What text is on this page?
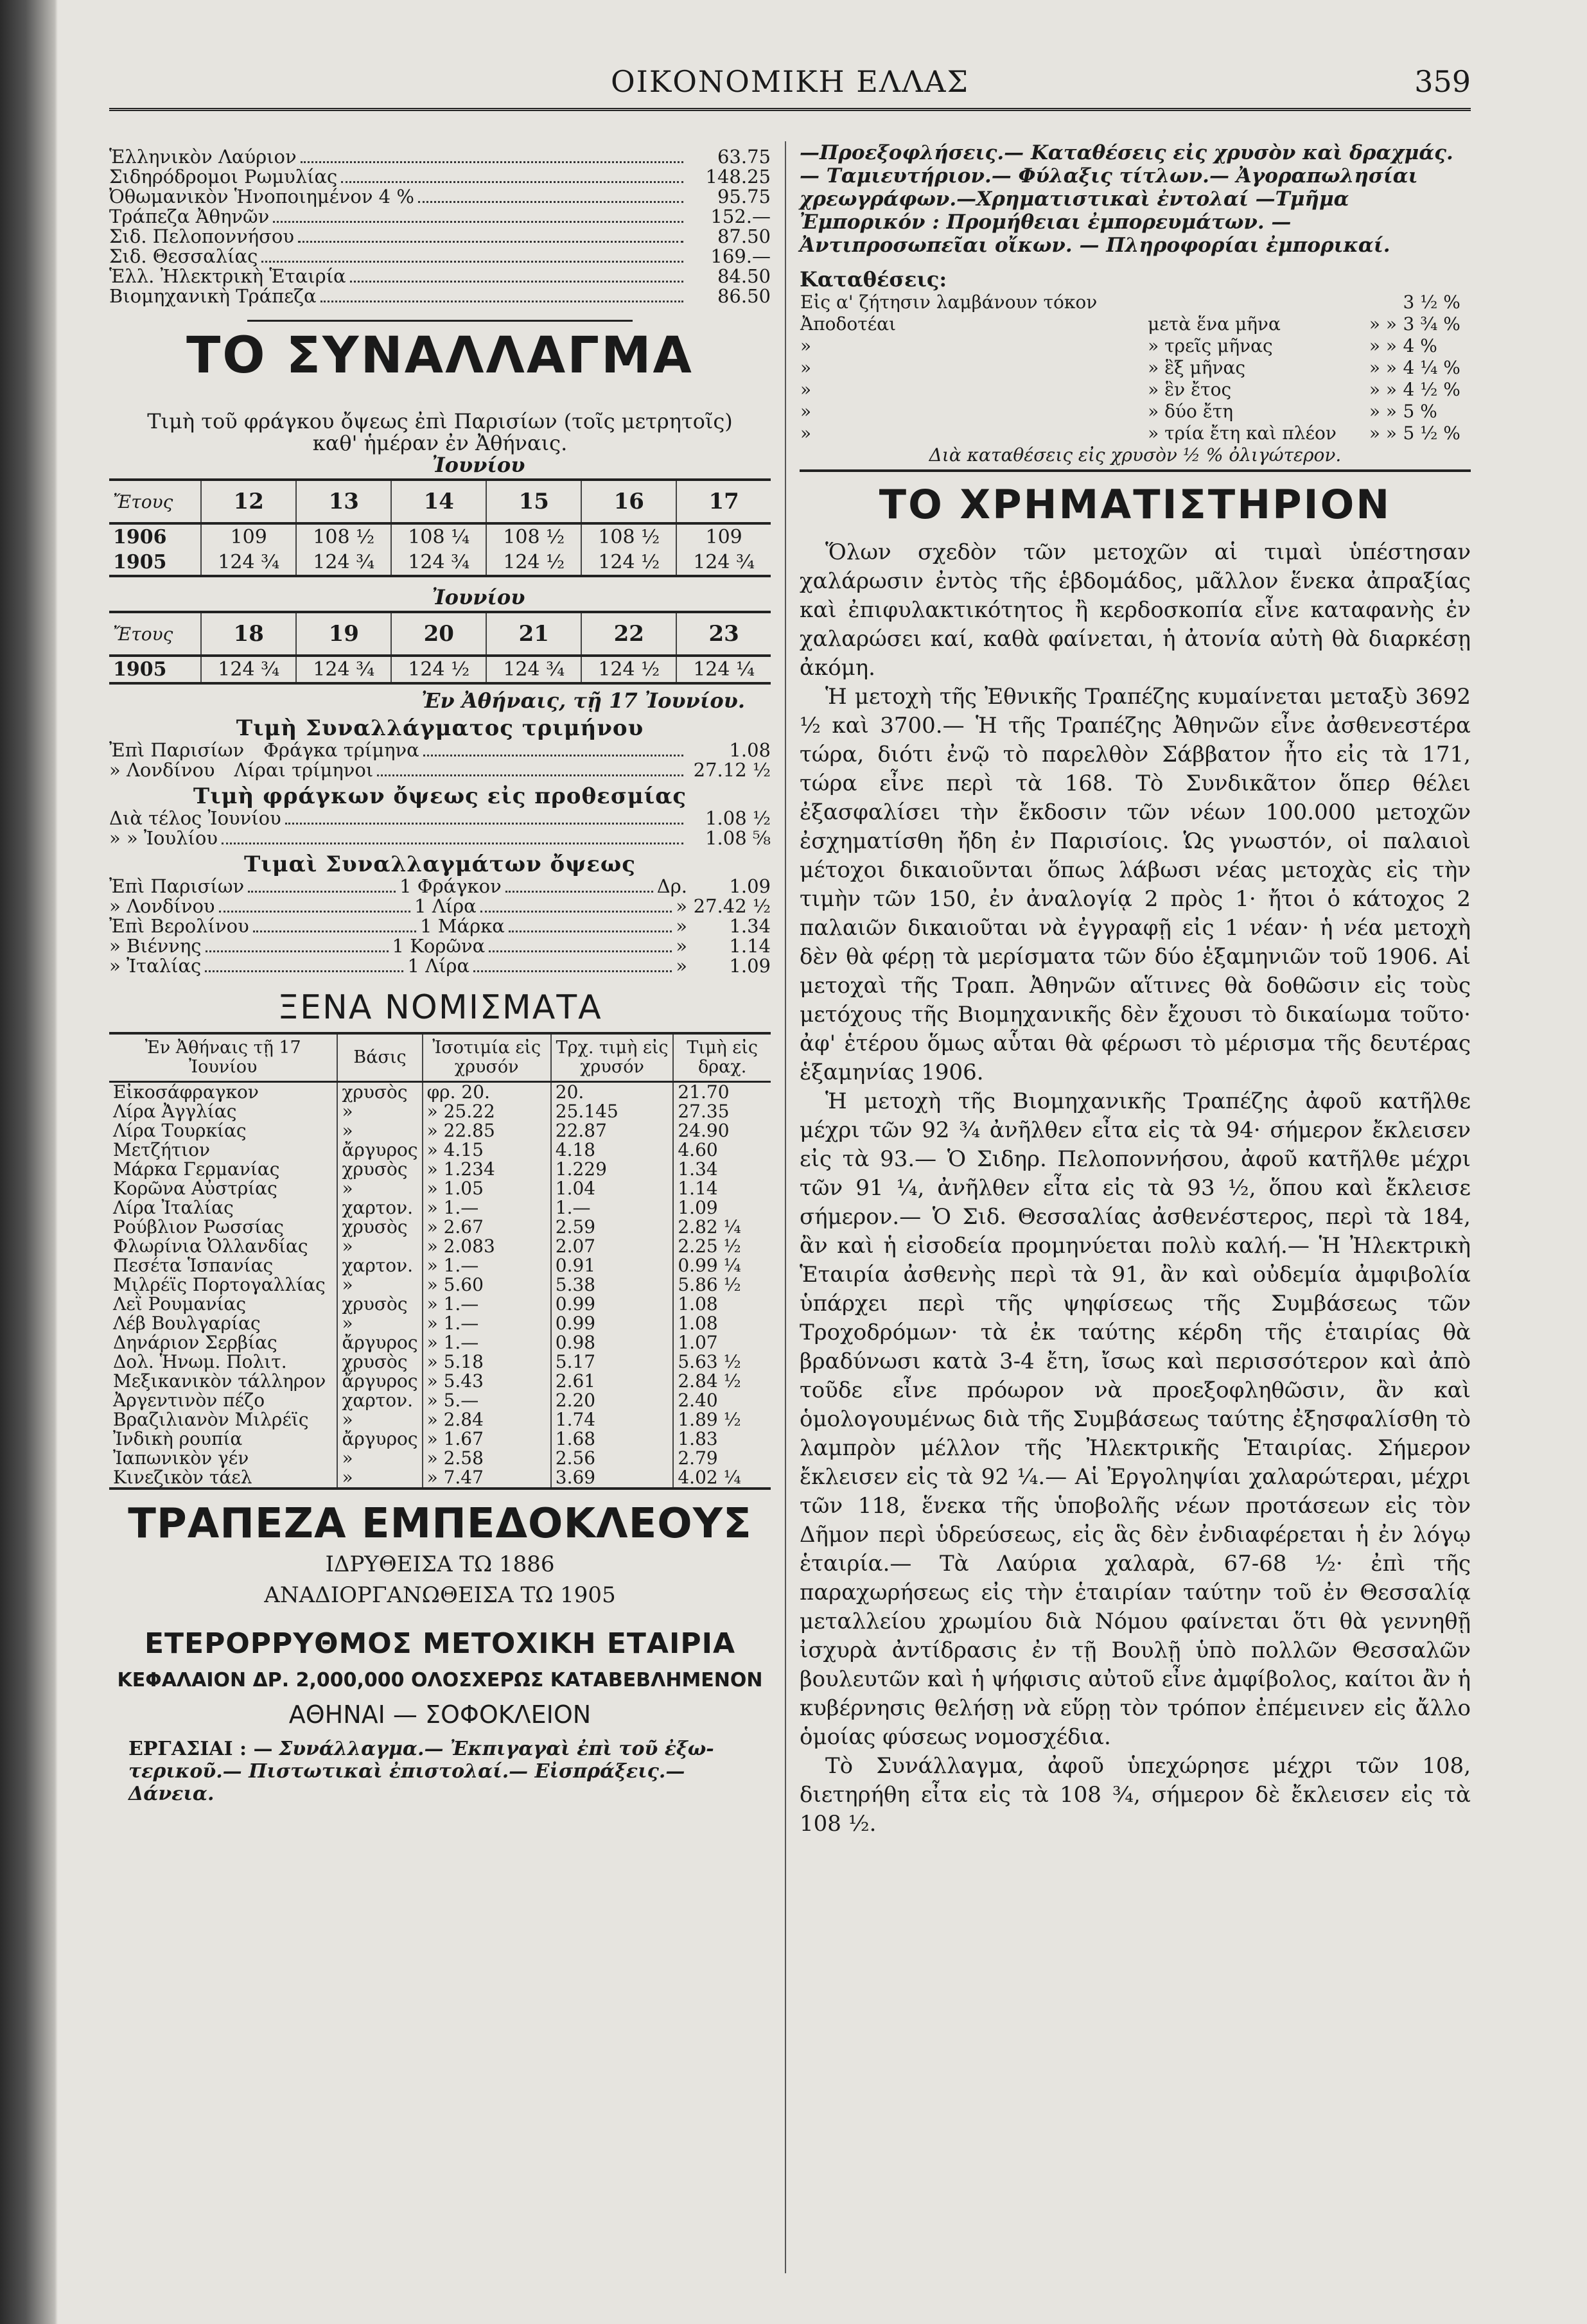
ΟΙΚΟΝΟΜΙΚΗ ΕΛΛΑΣ	359
Ἑλληνικὸν Λαύριον	63.75
Σιδηρόδρομοι Ρωμυλίας	148.25
Ὀθωμανικὸν Ἡνοποιημένον 4 %	95.75
Τράπεζα Ἀθηνῶν	152.—
Σιδ. Πελοποννήσου	87.50
Σιδ. Θεσσαλίας	169.—
Ἑλλ. Ἠλεκτρικὴ Ἑταιρία	84.50
Βιομηχανικὴ Τράπεζα	86.50
ΤΟ ΣΥΝΑΛΛΑΓΜΑ
Τιμὴ τοῦ φράγκου ὄψεως ἐπὶ Παρισίων (τοῖς μετρητοῖς)
καθ' ἡμέραν ἐν Ἀθήναις.
Ἰουνίου
Ἔτους	12	13	14	15	16	17
1906	109	108 ½	108 ¼	108 ½	108 ½	109
1905	124 ¾	124 ¾	124 ¾	124 ½	124 ½	124 ¾
Ἰουνίου
Ἔτους	18	19	20	21	22	23
1905	124 ¾	124 ¾	124 ½	124 ¾	124 ½	124 ¼
Ἐν Ἀθήναις, τῇ 17 Ἰουνίου.
Τιμὴ Συναλλάγματος τριμήνου
Ἐπὶ Παρισίων Φράγκα τρίμηνα	1.08
» Λονδίνου Λίραι τρίμηνοι	27.12 ½
Τιμὴ φράγκων ὄψεως εἰς προθεσμίας
Διὰ τέλος Ἰουνίου	1.08 ½
» » Ἰουλίου	1.08 ⅝
Τιμαὶ Συναλλαγμάτων ὄψεως
Ἐπὶ Παρισίων	1 Φράγκον	Δρ.	1.09
» Λονδίνου	1 Λίρα	» 27.42 ½
Ἐπὶ Βερολίνου	1 Μάρκα	»	1.34
» Βιέννης	1 Κορῶνα	»	1.14
» Ἰταλίας	1 Λίρα	»	1.09
ΞΕΝΑ ΝΟΜΙΣΜΑΤΑ
Ἐν Ἀθήναις τῇ 17 Ἰουνίου	Βάσις	Ἰσοτιμία εἰς χρυσόν	Τρχ. τιμὴ εἰς χρυσόν	Τιμὴ εἰς δραχ.
Εἰκοσάφραγκον	χρυσὸς	φρ. 20.	20.	21.70
Λίρα Ἀγγλίας	»	» 25.22	25.145	27.35
Λίρα Τουρκίας	»	» 22.85	22.87	24.90
Μετζήτιον	ἄργυρος	» 4.15	4.18	4.60
Μάρκα Γερμανίας	χρυσὸς	» 1.234	1.229	1.34
Κορῶνα Αὐστρίας	»	» 1.05	1.04	1.14
Λίρα Ἰταλίας	χαρτον.	» 1.—	1.—	1.09
Ρούβλιον Ρωσσίας	χρυσὸς	» 2.67	2.59	2.82 ¼
Φλωρίνια Ὀλλανδίας	»	» 2.083	2.07	2.25 ½
Πεσέτα Ἱσπανίας	χαρτον.	» 1.—	0.91	0.99 ¼
Μιλρέϊς Πορτογαλλίας	»	» 5.60	5.38	5.86 ½
Λεῒ Ρουμανίας	χρυσὸς	» 1.—	0.99	1.08
Λέβ Βουλγαρίας	»	» 1.—	0.99	1.08
Δηνάριον Σερβίας	ἄργυρος	» 1.—	0.98	1.07
Δολ. Ἡνωμ. Πολιτ.	χρυσὸς	» 5.18	5.17	5.63 ½
Μεξικανικὸν τάλληρον	ἄργυρος	» 5.43	2.61	2.84 ½
Ἀργεντινὸν πέζο	χαρτον.	» 5.—	2.20	2.40
Βραζιλιανὸν Μιλρέϊς	»	» 2.84	1.74	1.89 ½
Ἰνδικὴ ρουπία	ἄργυρος	» 1.67	1.68	1.83
Ἰαπωνικὸν γέν	»	» 2.58	2.56	2.79
Κινεζικὸν τάελ	»	» 7.47	3.69	4.02 ¼
ΤΡΑΠΕΖΑ ΕΜΠΕΔΟΚΛΕΟΥΣ
ΙΔΡΥΘΕΙΣΑ ΤΩ 1886
ΑΝΑΔΙΟΡΓΑΝΩΘΕΙΣΑ ΤΩ 1905
ΕΤΕΡΟΡΡΥΘΜΟΣ ΜΕΤΟΧΙΚΗ ΕΤΑΙΡΙΑ
ΚΕΦΑΛΑΙΟΝ ΔΡ. 2,000,000 ΟΛΟΣΧΕΡΩΣ ΚΑΤΑΒΕΒΛΗΜΕΝΟΝ
ΑΘΗΝΑΙ — ΣΟΦΟΚΛΕΙΟΝ
ΕΡΓΑΣΙΑΙ : — Συνάλλαγμα.— Ἐκπιγαγαὶ ἐπὶ τοῦ ἐξω-
τερικοῦ.— Πιστωτικαὶ ἐπιστολαί.— Εἰσπράξεις.— Δάνεια.
—Προεξοφλήσεις.— Καταθέσεις εἰς χρυσὸν καὶ δραχμάς.— Ταμιευτήριον.— Φύλαξις τίτλων.— Ἀγοραπωλησίαι χρεωγράφων.—Χρηματιστικαὶ ἐντολαί —Τμῆμα Ἐμπορικόν : Προμήθειαι ἐμπορευμάτων. — Ἀντιπροσωπεῖαι οἴκων. — Πληροφορίαι ἐμπορικαί.
Καταθέσεις:
Εἰς α' ζήτησιν λαμβάνουν τόκον			3 ½ %
Ἀποδοτέαι	μετὰ ἕνα μῆνα	» »	3 ¾ %
»	» τρεῖς μῆνας	» »	4 %
»	» ἓξ μῆνας	» »	4 ¼ %
»	» ἓν ἔτος	» »	4 ½ %
»	» δύο ἔτη	» »	5 %
»	» τρία ἔτη καὶ πλέον	» »	5 ½ %
Διὰ καταθέσεις εἰς χρυσὸν ½ % ὀλιγώτερον.
ΤΟ ΧΡΗΜΑΤΙΣΤΗΡΙΟΝ

Ὅλων σχεδὸν τῶν μετοχῶν αἱ τιμαὶ ὑπέστησαν χαλάρωσιν ἐντὸς τῆς ἑβδομάδος, μᾶλλον ἕνεκα ἀπραξίας καὶ ἐπιφυλακτικότητος ἢ κερδοσκοπία εἶνε καταφανὴς ἐν χαλαρώσει καί, καθὰ φαίνεται, ἡ ἀτονία αὐτὴ θὰ διαρκέσῃ ἀκόμη.

Ἡ μετοχὴ τῆς Ἐθνικῆς Τραπέζης κυμαίνεται μεταξὺ 3692 ½ καὶ 3700.— Ἡ τῆς Τραπέζης Ἀθηνῶν εἶνε ἀσθενεστέρα τώρα, διότι ἐνῷ τὸ παρελθὸν Σάββατον ἦτο εἰς τὰ 171, τώρα εἶνε περὶ τὰ 168. Τὸ Συνδικᾶτον ὅπερ θέλει ἐξασφαλίσει τὴν ἔκδοσιν τῶν νέων 100.000 μετοχῶν ἐσχηματίσθη ἤδη ἐν Παρισίοις. Ὡς γνωστόν, οἱ παλαιοὶ μέτοχοι δικαιοῦνται ὅπως λάβωσι νέας μετοχὰς εἰς τὴν τιμὴν τῶν 150, ἐν ἀναλογίᾳ 2 πρὸς 1· ἤτοι ὁ κάτοχος 2 παλαιῶν δικαιοῦται νὰ ἐγγραφῇ εἰς 1 νέαν· ἡ νέα μετοχὴ δὲν θὰ φέρῃ τὰ μερίσματα τῶν δύο ἑξαμηνιῶν τοῦ 1906. Αἱ μετοχαὶ τῆς Τραπ. Ἀθηνῶν αἵτινες θὰ δοθῶσιν εἰς τοὺς μετόχους τῆς Βιομηχανικῆς δὲν ἔχουσι τὸ δικαίωμα τοῦτο· ἀφ' ἑτέρου ὅμως αὗται θὰ φέρωσι τὸ μέρισμα τῆς δευτέρας ἑξαμηνίας 1906.

Ἡ μετοχὴ τῆς Βιομηχανικῆς Τραπέζης ἀφοῦ κατῆλθε μέχρι τῶν 92 ¾ ἀνῆλθεν εἶτα εἰς τὰ 94· σήμερον ἔκλεισεν εἰς τὰ 93.— Ὁ Σιδηρ. Πελοποννήσου, ἀφοῦ κατῆλθε μέχρι τῶν 91 ¼, ἀνῆλθεν εἶτα εἰς τὰ 93 ½, ὅπου καὶ ἔκλεισε σήμερον.— Ὁ Σιδ. Θεσσαλίας ἀσθενέστερος, περὶ τὰ 184, ἂν καὶ ἡ εἰσοδεία προμηνύεται πολὺ καλή.— Ἡ Ἠλεκτρικὴ Ἑταιρία ἀσθενὴς περὶ τὰ 91, ἂν καὶ οὐδεμία ἀμφιβολία ὑπάρχει περὶ τῆς ψηφίσεως τῆς Συμβάσεως τῶν Τροχοδρόμων· τὰ ἐκ ταύτης κέρδη τῆς ἑταιρίας θὰ βραδύνωσι κατὰ 3-4 ἔτη, ἴσως καὶ περισσότερον καὶ ἀπὸ τοῦδε εἶνε πρόωρον νὰ προεξοφληθῶσιν, ἂν καὶ ὁμολογουμένως διὰ τῆς Συμβάσεως ταύτης ἐξησφαλίσθη τὸ λαμπρὸν μέλλον τῆς Ἠλεκτρικῆς Ἑταιρίας. Σήμερον ἔκλεισεν εἰς τὰ 92 ¼.— Αἱ Ἐργοληψίαι χαλαρώτεραι, μέχρι τῶν 118, ἕνεκα τῆς ὑποβολῆς νέων προτάσεων εἰς τὸν Δῆμον περὶ ὑδρεύσεως, εἰς ἃς δὲν ἐνδιαφέρεται ἡ ἐν λόγῳ ἑταιρία.— Τὰ Λαύρια χαλαρὰ, 67-68 ½· ἐπὶ τῆς παραχωρήσεως εἰς τὴν ἑταιρίαν ταύτην τοῦ ἐν Θεσσαλίᾳ μεταλλείου χρωμίου διὰ Νόμου φαίνεται ὅτι θὰ γεννηθῇ ἰσχυρὰ ἀντίδρασις ἐν τῇ Βουλῇ ὑπὸ πολλῶν Θεσσαλῶν βουλευτῶν καὶ ἡ ψήφισις αὐτοῦ εἶνε ἀμφίβολος, καίτοι ἂν ἡ κυβέρνησις θελήσῃ νὰ εὕρῃ τὸν τρόπον ἐπέμεινεν εἰς ἄλλο ὁμοίας φύσεως νομοσχέδια.

Τὸ Συνάλλαγμα, ἀφοῦ ὑπεχώρησε μέχρι τῶν 108, διετηρήθη εἶτα εἰς τὰ 108 ¾, σήμερον δὲ ἔκλεισεν εἰς τὰ 108 ½.
